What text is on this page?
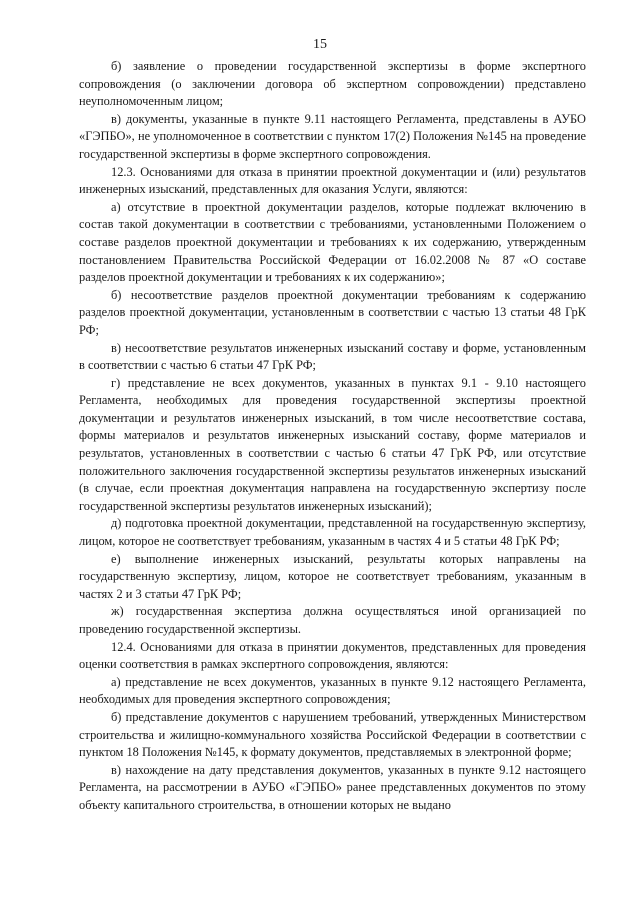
15

б) заявление о проведении государственной экспертизы в форме экспертного сопровождения (о заключении договора об экспертном сопровождении) представлено неуполномоченным лицом;

в) документы, указанные в пункте 9.11 настоящего Регламента, представлены в АУБО «ГЭПБО», не уполномоченное в соответствии с пунктом 17(2) Положения №145 на проведение государственной экспертизы в форме экспертного сопровождения.

12.3. Основаниями для отказа в принятии проектной документации и (или) результатов инженерных изысканий, представленных для оказания Услуги, являются:

а) отсутствие в проектной документации разделов, которые подлежат включению в состав такой документации в соответствии с требованиями, установленными Положением о составе разделов проектной документации и требованиях к их содержанию, утвержденным постановлением Правительства Российской Федерации от 16.02.2008 № 87 «О составе разделов проектной документации и требованиях к их содержанию»;

б) несоответствие разделов проектной документации требованиям к содержанию разделов проектной документации, установленным в соответствии с частью 13 статьи 48 ГрК РФ;

в) несоответствие результатов инженерных изысканий составу и форме, установленным в соответствии с частью 6 статьи 47 ГрК РФ;

г) представление не всех документов, указанных в пунктах 9.1 - 9.10 настоящего Регламента, необходимых для проведения государственной экспертизы проектной документации и результатов инженерных изысканий, в том числе несоответствие состава, формы материалов и результатов инженерных изысканий составу, форме материалов и результатов, установленных в соответствии с частью 6 статьи 47 ГрК РФ, или отсутствие положительного заключения государственной экспертизы результатов инженерных изысканий (в случае, если проектная документация направлена на государственную экспертизу после государственной экспертизы результатов инженерных изысканий);

д) подготовка проектной документации, представленной на государственную экспертизу, лицом, которое не соответствует требованиям, указанным в частях 4 и 5 статьи 48 ГрК РФ;

е) выполнение инженерных изысканий, результаты которых направлены на государственную экспертизу, лицом, которое не соответствует требованиям, указанным в частях 2 и 3 статьи 47 ГрК РФ;

ж) государственная экспертиза должна осуществляться иной организацией по проведению государственной экспертизы.

12.4. Основаниями для отказа в принятии документов, представленных для проведения оценки соответствия в рамках экспертного сопровождения, являются:

а) представление не всех документов, указанных в пункте 9.12 настоящего Регламента, необходимых для проведения экспертного сопровождения;

б) представление документов с нарушением требований, утвержденных Министерством строительства и жилищно-коммунального хозяйства Российской Федерации в соответствии с пунктом 18 Положения №145, к формату документов, представляемых в электронной форме;

в) нахождение на дату представления документов, указанных в пункте 9.12 настоящего Регламента, на рассмотрении в АУБО «ГЭПБО» ранее представленных документов по этому объекту капитального строительства, в отношении которых не выдано
